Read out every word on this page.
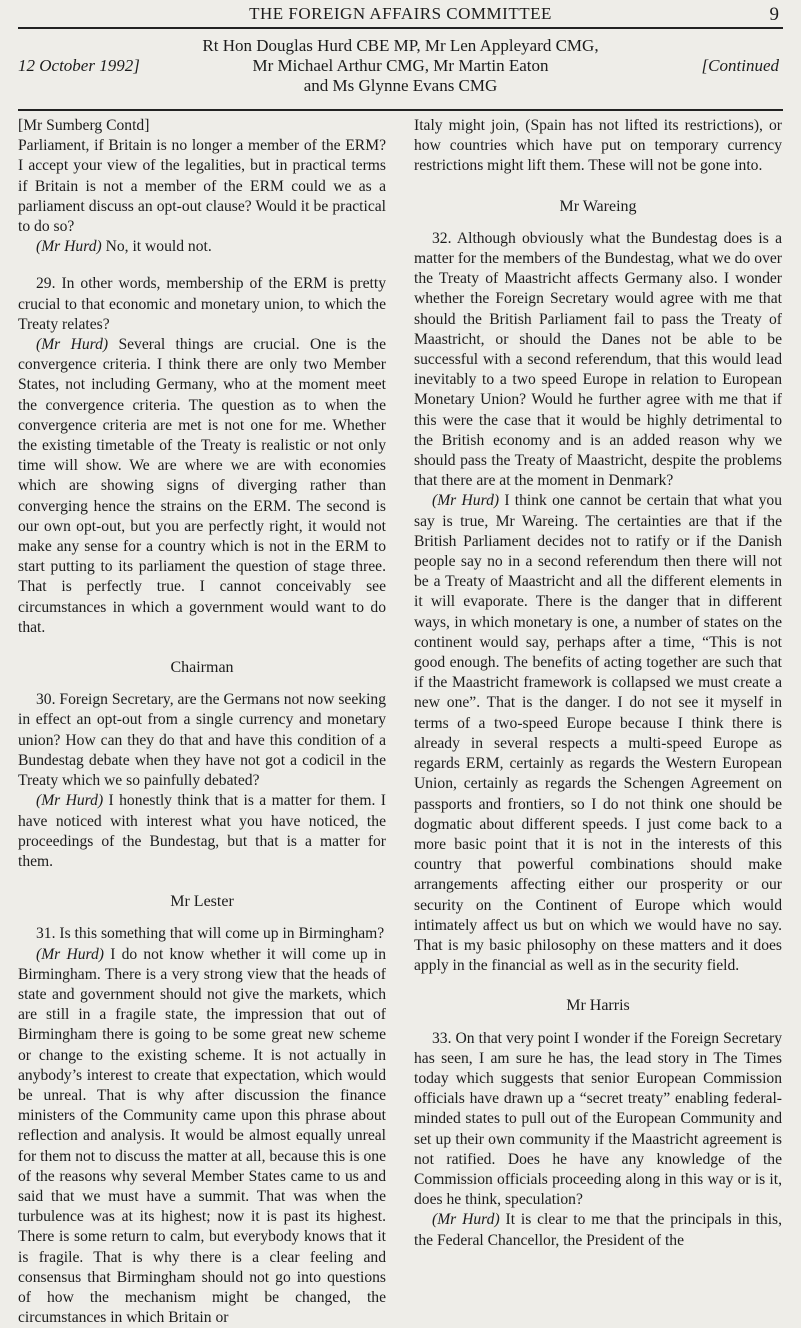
THE FOREIGN AFFAIRS COMMITTEE	9
Rt Hon Douglas Hurd CBE MP, Mr Len Appleyard CMG,
Mr Michael Arthur CMG, Mr Martin Eaton
and Ms Glynne Evans CMG
12 October 1992]	[Continued

[Mr Sumberg Contd]

Parliament, if Britain is no longer a member of the ERM? I accept your view of the legalities, but in practical terms if Britain is not a member of the ERM could we as a parliament discuss an opt-out clause? Would it be practical to do so?

(Mr Hurd) No, it would not.

29. In other words, membership of the ERM is pretty crucial to that economic and monetary union, to which the Treaty relates?

(Mr Hurd) Several things are crucial. One is the convergence criteria. I think there are only two Member States, not including Germany, who at the moment meet the convergence criteria. The question as to when the convergence criteria are met is not one for me. Whether the existing timetable of the Treaty is realistic or not only time will show. We are where we are with economies which are showing signs of diverging rather than converging hence the strains on the ERM. The second is our own opt-out, but you are perfectly right, it would not make any sense for a country which is not in the ERM to start putting to its parliament the question of stage three. That is perfectly true. I cannot conceivably see circumstances in which a government would want to do that.

Chairman

30. Foreign Secretary, are the Germans not now seeking in effect an opt-out from a single currency and monetary union? How can they do that and have this condition of a Bundestag debate when they have not got a codicil in the Treaty which we so painfully debated?

(Mr Hurd) I honestly think that is a matter for them. I have noticed with interest what you have noticed, the proceedings of the Bundestag, but that is a matter for them.

Mr Lester

31. Is this something that will come up in Birmingham?

(Mr Hurd) I do not know whether it will come up in Birmingham. There is a very strong view that the heads of state and government should not give the markets, which are still in a fragile state, the impression that out of Birmingham there is going to be some great new scheme or change to the existing scheme. It is not actually in anybody’s interest to create that expectation, which would be unreal. That is why after discussion the finance ministers of the Community came upon this phrase about reflection and analysis. It would be almost equally unreal for them not to discuss the matter at all, because this is one of the reasons why several Member States came to us and said that we must have a summit. That was when the turbulence was at its highest; now it is past its highest. There is some return to calm, but everybody knows that it is fragile. That is why there is a clear feeling and consensus that Birmingham should not go into questions of how the mechanism might be changed, the circumstances in which Britain or

Italy might join, (Spain has not lifted its restrictions), or how countries which have put on temporary currency restrictions might lift them. These will not be gone into.

Mr Wareing

32. Although obviously what the Bundestag does is a matter for the members of the Bundestag, what we do over the Treaty of Maastricht affects Germany also. I wonder whether the Foreign Secretary would agree with me that should the British Parliament fail to pass the Treaty of Maastricht, or should the Danes not be able to be successful with a second referendum, that this would lead inevitably to a two speed Europe in relation to European Monetary Union? Would he further agree with me that if this were the case that it would be highly detrimental to the British economy and is an added reason why we should pass the Treaty of Maastricht, despite the problems that there are at the moment in Denmark?

(Mr Hurd) I think one cannot be certain that what you say is true, Mr Wareing. The certainties are that if the British Parliament decides not to ratify or if the Danish people say no in a second referendum then there will not be a Treaty of Maastricht and all the different elements in it will evaporate. There is the danger that in different ways, in which monetary is one, a number of states on the continent would say, perhaps after a time, “This is not good enough. The benefits of acting together are such that if the Maastricht framework is collapsed we must create a new one”. That is the danger. I do not see it myself in terms of a two-speed Europe because I think there is already in several respects a multi-speed Europe as regards ERM, certainly as regards the Western European Union, certainly as regards the Schengen Agreement on passports and frontiers, so I do not think one should be dogmatic about different speeds. I just come back to a more basic point that it is not in the interests of this country that powerful combinations should make arrangements affecting either our prosperity or our security on the Continent of Europe which would intimately affect us but on which we would have no say. That is my basic philosophy on these matters and it does apply in the financial as well as in the security field.

Mr Harris

33. On that very point I wonder if the Foreign Secretary has seen, I am sure he has, the lead story in The Times today which suggests that senior European Commission officials have drawn up a “secret treaty” enabling federal-minded states to pull out of the European Community and set up their own community if the Maastricht agreement is not ratified. Does he have any knowledge of the Commission officials proceeding along in this way or is it, does he think, speculation?

(Mr Hurd) It is clear to me that the principals in this, the Federal Chancellor, the President of the
